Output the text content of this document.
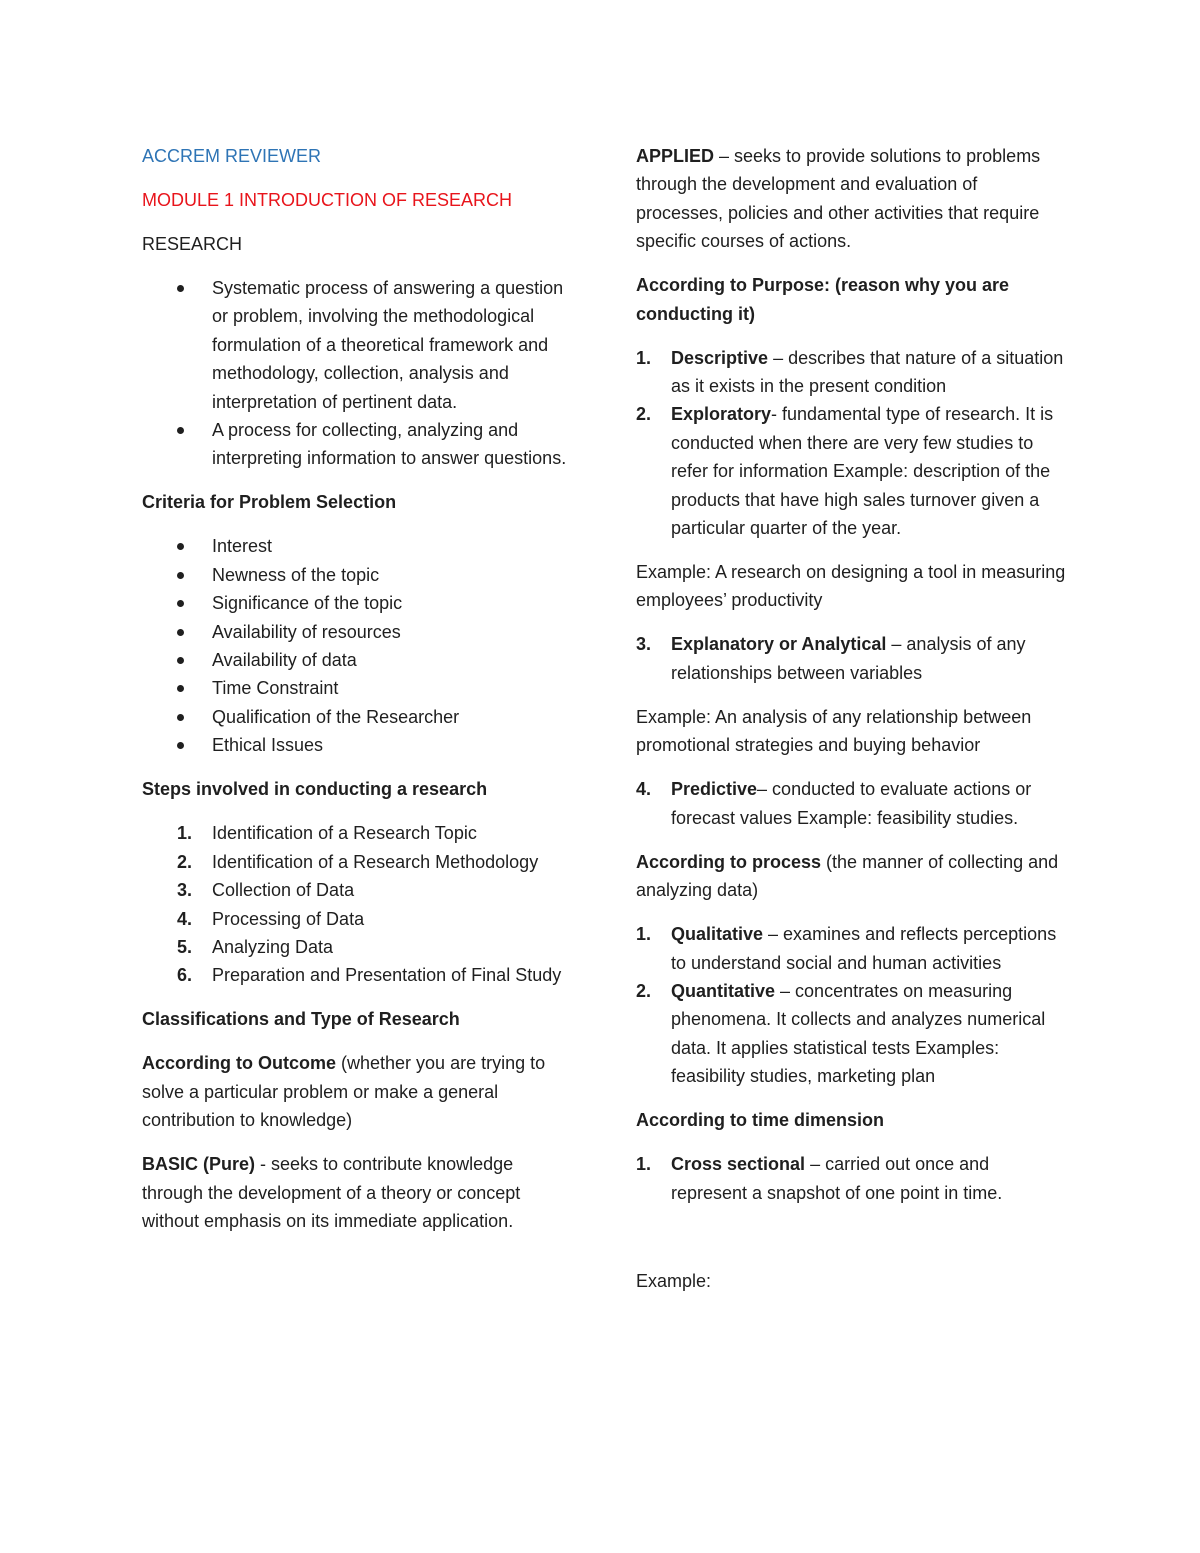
ACCREM REVIEWER

MODULE 1 INTRODUCTION OF RESEARCH

RESEARCH

Systematic process of answering a question or problem, involving the methodological formulation of a theoretical framework and methodology, collection, analysis and interpretation of pertinent data.
A process for collecting, analyzing and interpreting information to answer questions.

Criteria for Problem Selection

Interest
Newness of the topic
Significance of the topic
Availability of resources
Availability of data
Time Constraint
Qualification of the Researcher
Ethical Issues

Steps involved in conducting a research

1. Identification of a Research Topic
2. Identification of a Research Methodology
3. Collection of Data
4. Processing of Data
5. Analyzing Data
6. Preparation and Presentation of Final Study

Classifications and Type of Research

According to Outcome (whether you are trying to solve a particular problem or make a general contribution to knowledge)

BASIC (Pure) - seeks to contribute knowledge through the development of a theory or concept without emphasis on its immediate application.

APPLIED – seeks to provide solutions to problems through the development and evaluation of processes, policies and other activities that require specific courses of actions.

According to Purpose: (reason why you are conducting it)

1. Descriptive – describes that nature of a situation as it exists in the present condition
2. Exploratory- fundamental type of research. It is conducted when there are very few studies to refer for information Example: description of the products that have high sales turnover given a particular quarter of the year.

Example: A research on designing a tool in measuring employees’ productivity

3. Explanatory or Analytical – analysis of any relationships between variables

Example: An analysis of any relationship between promotional strategies and buying behavior

4. Predictive– conducted to evaluate actions or forecast values Example: feasibility studies.

According to process (the manner of collecting and analyzing data)

1. Qualitative – examines and reflects perceptions to understand social and human activities
2. Quantitative – concentrates on measuring phenomena. It collects and analyzes numerical data. It applies statistical tests Examples: feasibility studies, marketing plan

According to time dimension

1. Cross sectional – carried out once and represent a snapshot of one point in time.

Example:
